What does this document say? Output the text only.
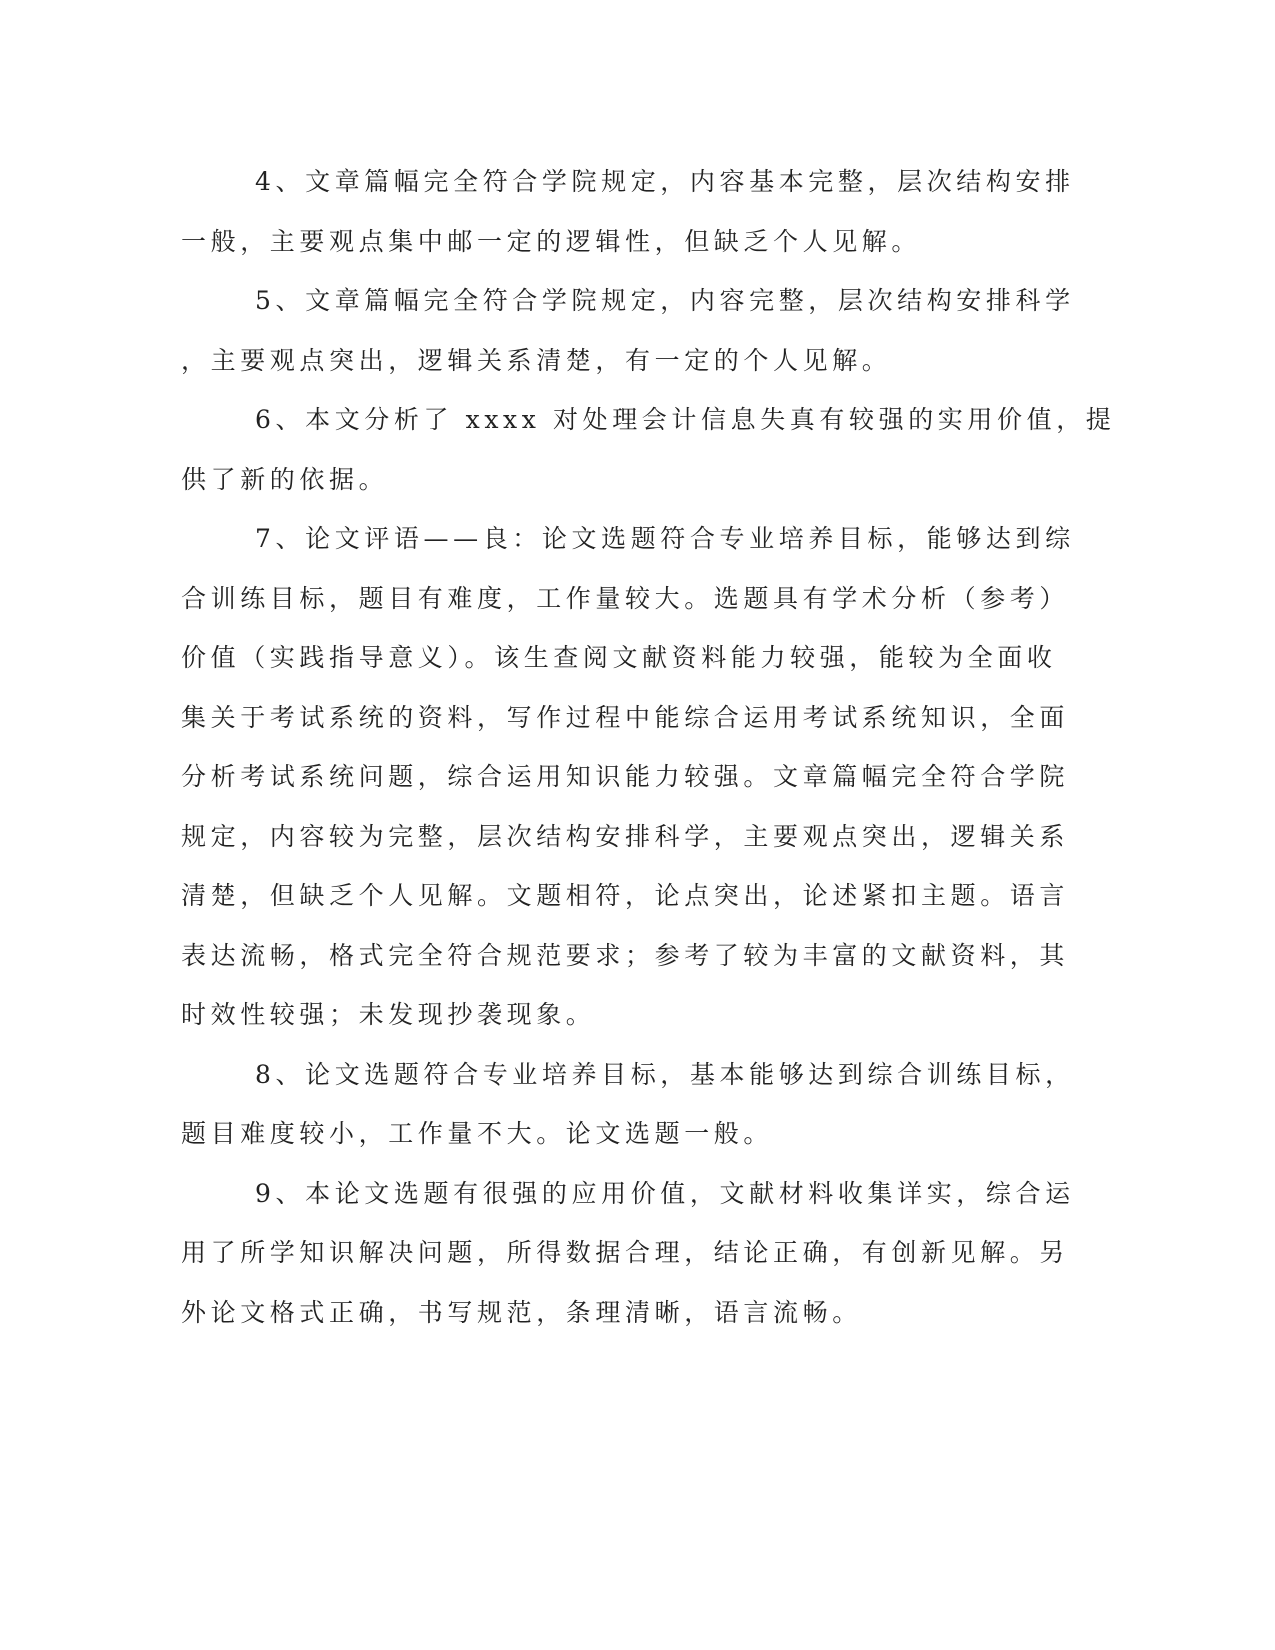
4、文章篇幅完全符合学院规定，内容基本完整，层次结构安排
一般，主要观点集中邮一定的逻辑性，但缺乏个人见解。
5、文章篇幅完全符合学院规定，内容完整，层次结构安排科学
，主要观点突出，逻辑关系清楚，有一定的个人见解。
6、本文分析了 xxxx 对处理会计信息失真有较强的实用价值，提
供了新的依据。
7、论文评语——良：论文选题符合专业培养目标，能够达到综
合训练目标，题目有难度，工作量较大。选题具有学术分析（参考）
价值（实践指导意义）。该生查阅文献资料能力较强，能较为全面收
集关于考试系统的资料，写作过程中能综合运用考试系统知识，全面
分析考试系统问题，综合运用知识能力较强。文章篇幅完全符合学院
规定，内容较为完整，层次结构安排科学，主要观点突出，逻辑关系
清楚，但缺乏个人见解。文题相符，论点突出，论述紧扣主题。语言
表达流畅，格式完全符合规范要求；参考了较为丰富的文献资料，其
时效性较强；未发现抄袭现象。
8、论文选题符合专业培养目标，基本能够达到综合训练目标，
题目难度较小，工作量不大。论文选题一般。
9、本论文选题有很强的应用价值，文献材料收集详实，综合运
用了所学知识解决问题，所得数据合理，结论正确，有创新见解。另
外论文格式正确，书写规范，条理清晰，语言流畅。
